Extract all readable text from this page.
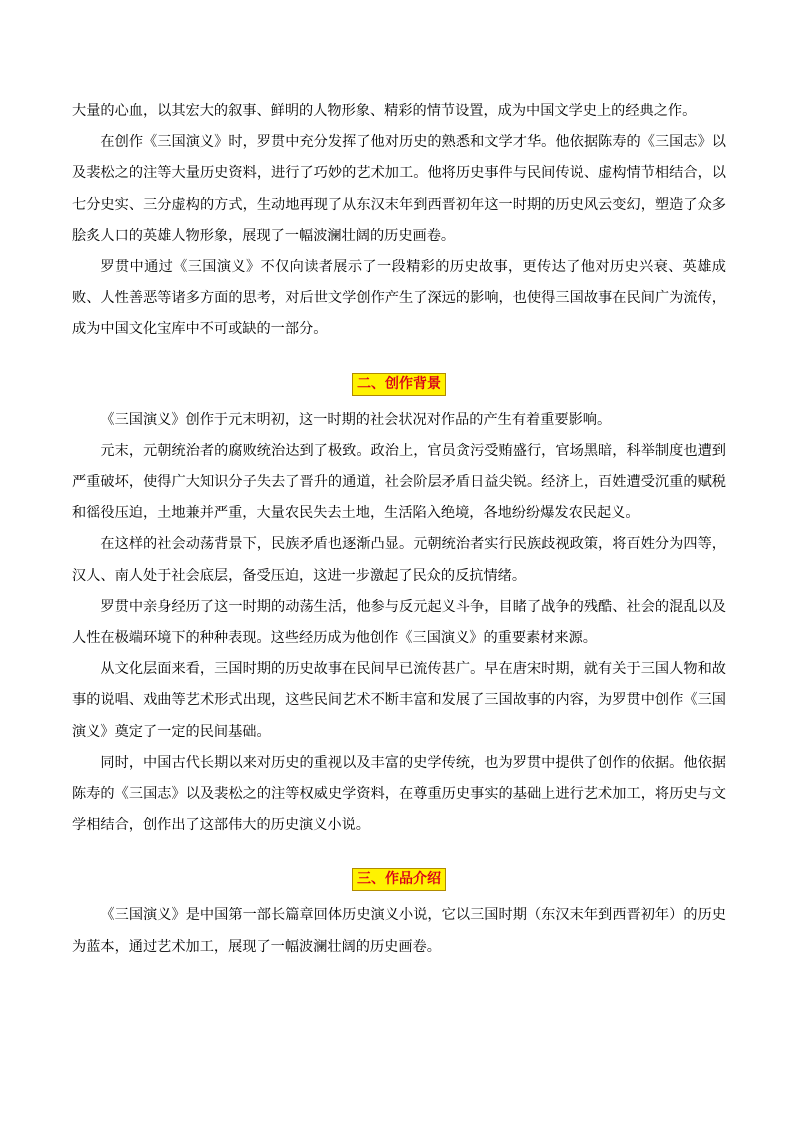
大量的心血，以其宏大的叙事、鲜明的人物形象、精彩的情节设置，成为中国文学史上的经典之作。

在创作《三国演义》时，罗贯中充分发挥了他对历史的熟悉和文学才华。他依据陈寿的《三国志》以及裴松之的注等大量历史资料，进行了巧妙的艺术加工。他将历史事件与民间传说、虚构情节相结合，以七分史实、三分虚构的方式，生动地再现了从东汉末年到西晋初年这一时期的历史风云变幻，塑造了众多脍炙人口的英雄人物形象，展现了一幅波澜壮阔的历史画卷。

罗贯中通过《三国演义》不仅向读者展示了一段精彩的历史故事，更传达了他对历史兴衰、英雄成败、人性善恶等诸多方面的思考，对后世文学创作产生了深远的影响，也使得三国故事在民间广为流传，成为中国文化宝库中不可或缺的一部分。

二、创作背景

《三国演义》创作于元末明初，这一时期的社会状况对作品的产生有着重要影响。

元末，元朝统治者的腐败统治达到了极致。政治上，官员贪污受贿盛行，官场黑暗，科举制度也遭到严重破坏，使得广大知识分子失去了晋升的通道，社会阶层矛盾日益尖锐。经济上，百姓遭受沉重的赋税和徭役压迫，土地兼并严重，大量农民失去土地，生活陷入绝境，各地纷纷爆发农民起义。

在这样的社会动荡背景下，民族矛盾也逐渐凸显。元朝统治者实行民族歧视政策，将百姓分为四等，汉人、南人处于社会底层，备受压迫，这进一步激起了民众的反抗情绪。

罗贯中亲身经历了这一时期的动荡生活，他参与反元起义斗争，目睹了战争的残酷、社会的混乱以及人性在极端环境下的种种表现。这些经历成为他创作《三国演义》的重要素材来源。

从文化层面来看，三国时期的历史故事在民间早已流传甚广。早在唐宋时期，就有关于三国人物和故事的说唱、戏曲等艺术形式出现，这些民间艺术不断丰富和发展了三国故事的内容，为罗贯中创作《三国演义》奠定了一定的民间基础。

同时，中国古代长期以来对历史的重视以及丰富的史学传统，也为罗贯中提供了创作的依据。他依据陈寿的《三国志》以及裴松之的注等权威史学资料，在尊重历史事实的基础上进行艺术加工，将历史与文学相结合，创作出了这部伟大的历史演义小说。

三、作品介绍

《三国演义》是中国第一部长篇章回体历史演义小说，它以三国时期（东汉末年到西晋初年）的历史为蓝本，通过艺术加工，展现了一幅波澜壮阔的历史画卷。
